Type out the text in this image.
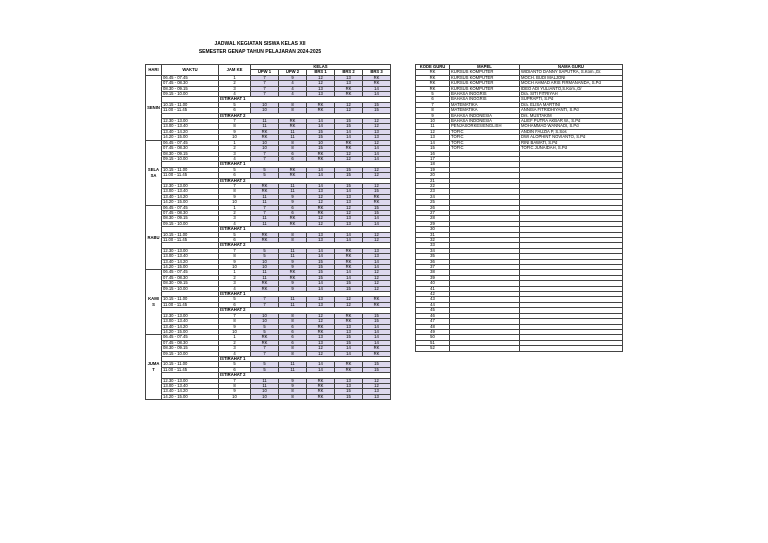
JADWAL KEGIATAN SISWA KELAS XII
SEMESTER GENAP TAHUN PELAJARAN 2024-2025
HARI	WAKTU	JAM KE	KELAS				
			UPW 1	UPW 2	BRS 1	BRS 2	BRS 3
SENIN	06.45 - 07.45	1	7	9	12	13	RK
	07.45 - 08.30	2	7	4	12	13	RK
	08.30 - 09.15	3	7	4	13	RK	14
	09.15 - 10.00	4	7	4	13	RK	14
		ISTIRAHAT 1					
	10.15 - 11.00	5	10	8	RK	12	15
	11.00 - 11.45	6	10	8	RK	12	15
		ISTIRAHAT 2					
	12.30 - 13.00	7	11	RK	14	15	12
	13.00 - 13.40	8	11	RK	14	15	12
	13.40 - 14.20	9	RK	11	15	14	13
	14.20 - 15.00	10	RK	11	15	14	13
SELASA	06.45 - 07.45	1	10	8	10	RK	12
	07.45 - 08.30	2	10	8	15	RK	14
	08.30 - 09.15	3	7	6	RK	12	14
	09.15 - 10.00	4	7	6	RK	12	14
		ISTIRAHAT 1					
	10.15 - 11.00	5	5	RK	14	15	12
	11.00 - 11.45	6	5	RK	14	15	12
		ISTIRAHAT 2					
	12.30 - 13.00	7	RK	11	14	15	12
	13.00 - 13.40	8	RK	11	13	14	15
	13.40 - 14.20	9	11	9	12	13	RK
	14.20 - 15.00	10	11	9	12	13	RK
RABU	06.45 - 07.45	1	7	6	RK	12	15
	07.45 - 08.30	2	7	6	RK	12	15
	08.30 - 09.15	3	11	RK	12	13	14
	09.15 - 10.00	4	11	RK	12	13	14
		ISTIRAHAT 1					
	10.15 - 11.00	5	RK	8	13	14	12
	11.00 - 11.45	6	RK	8	13	14	12
		ISTIRAHAT 2					
	12.30 - 13.00	7	5	11	14	RK	13
	13.00 - 13.40	8	5	11	14	RK	13
	13.40 - 14.20	9	10	9	15	RK	14
	14.20 - 15.00	10	10	9	15	RK	14
KAMIS	06.45 - 07.45	1	11	RK	15	14	12
	07.45 - 08.30	2	11	RK	15	14	12
	08.30 - 09.15	3	RK	9	14	15	12
	09.15 - 10.00	4	RK	9	14	15	12
		ISTIRAHAT 1					
	10.15 - 11.00	5	7	11	13	12	RK
	11.00 - 11.45	6	7	11	13	12	RK
		ISTIRAHAT 2					
	12.30 - 13.00	7	10	8	12	RK	15
	13.00 - 13.40	8	10	8	12	RK	15
	13.40 - 14.20	9	5	6	RK	13	14
	14.20 - 15.00	10	5	6	RK	13	14
JUMAT	06.45 - 07.45	1	RK	6	13	15	14
	07.45 - 08.30	2	RK	6	13	15	14
	08.30 - 09.15	3	7	8	12	14	RK
	09.15 - 10.00	4	7	8	12	14	RK
		ISTIRAHAT 1					
	10.15 - 11.00	5	5	11	14	RK	15
	11.00 - 11.45	6	5	11	14	RK	15
		ISTIRAHAT 2					
	12.30 - 13.00	7	11	9	RK	13	12
	13.00 - 13.40	8	11	9	RK	13	12
	13.40 - 14.20	9	10	8	RK	15	13
	14.20 - 15.00	10	10	8	RK	15	13
KODE GURU	MAPEL	NAMA GURU
RK	KURSUS KOMPUTER	WIDIANTO DANNY SAPUTRA, S.Kom.,Gr.
RK	KURSUS KOMPUTER	MOCH. BUDI MALJONI
RK	KURSUS KOMPUTER	MOCH AHMAD ARIS FIRMANANDA, S.Pd
RK	KURSUS KOMPUTER	IDEO ADI YULIANTO,S.Kom.,Gr
5	BAHASA INGGRIS	Dra. SITI FITRIYAH
6	BAHASA INGGRIS	SUPRAPTI, S.Pd
7	MATEMATIKA	Dra. ELISA MARTINI
8	MATEMATIKA	ANNISA FITRIDHIYANTI, S.Pd
9	BAHASA INDONESIA	Drs. MUSTAKIM
10	BAHASA INDONESIA	ALIEF PUTRA AKBAR W., S.Pd
11	PENJASORKES/ENGLISH	MOHAMMAD WANNADI, S.Pd
12	TOFIC	ANDIN FAUZIA P, S.Sos
13	TOFIC	DWI ALOPHINT NOVIANTO, S.Pd
14	TOFIC	RINI BAWATI, S.Pd
15	TOFIC	TOFIC JUNAIDAH, S.Pd
16		
17		
18		
19		
20		
21		
22		
23		
24		
25		
26		
27		
28		
29		
30		
31		
32		
33		
34		
35		
36		
37		
38		
39		
40		
41		
42		
43		
44		
45		
46		
47		
48		
49		
50		
51		
52		
